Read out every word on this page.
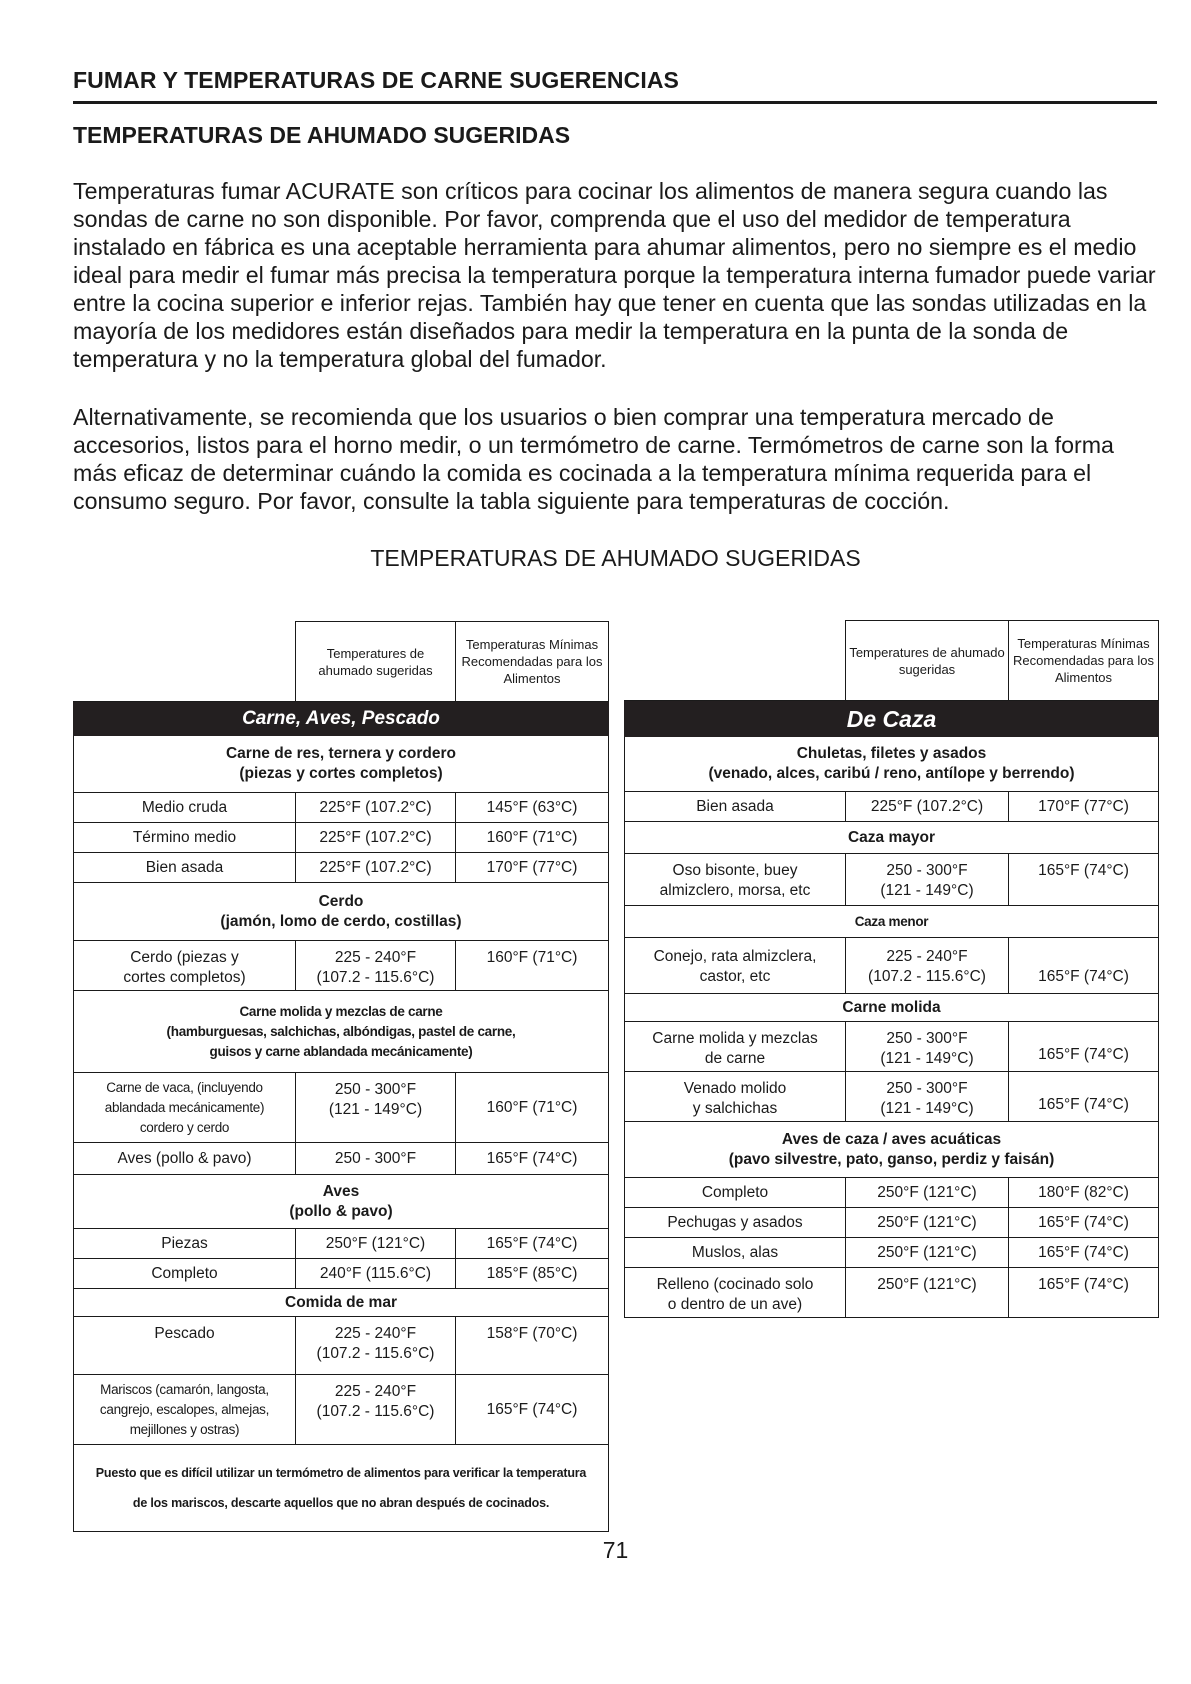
FUMAR Y TEMPERATURAS DE CARNE SUGERENCIAS
TEMPERATURAS DE AHUMADO SUGERIDAS

Temperaturas fumar ACURATE son críticos para cocinar los alimentos de manera segura cuando las sondas de carne no son disponible. Por favor, comprenda que el uso del medidor de temperatura instalado en fábrica es una aceptable herramienta para ahumar alimentos, pero no siempre es el medio ideal para medir el fumar más precisa la temperatura porque la temperatura interna fumador puede variar entre la cocina superior e inferior rejas. También hay que tener en cuenta que las sondas utilizadas en la mayoría de los medidores están diseñados para medir la temperatura en la punta de la sonda de temperatura y no la temperatura global del fumador.

Alternativamente, se recomienda que los usuarios o bien comprar una temperatura mercado de accesorios, listos para el horno medir, o un termómetro de carne. Termómetros de carne son la forma más eficaz de determinar cuándo la comida es cocinada a la temperatura mínima requerida para el consumo seguro. Por favor, consulte la tabla siguiente para temperaturas de cocción.

TEMPERATURAS DE AHUMADO SUGERIDAS
	Temperatures de ahumado sugeridas	Temperaturas Mínimas Recomendadas para los Alimentos
Carne, Aves, Pescado		
Carne de res, ternera y cordero
(piezas y cortes completos)		
Medio cruda	225°F (107.2°C)	145°F (63°C)
Término medio	225°F (107.2°C)	160°F (71°C)
Bien asada	225°F (107.2°C)	170°F (77°C)
Cerdo
(jamón, lomo de cerdo, costillas)		
Cerdo (piezas y
cortes completos)	225 - 240°F
(107.2 - 115.6°C)	160°F (71°C)
Carne molida y mezclas de carne
(hamburguesas, salchichas, albóndigas, pastel de carne,
guisos y carne ablandada mecánicamente)		
Carne de vaca, (incluyendo
ablandada mecánicamente)
cordero y cerdo	250 - 300°F
(121 - 149°C)	160°F (71°C)
Aves (pollo & pavo)	250 - 300°F	165°F (74°C)
Aves
(pollo & pavo)		
Piezas	250°F (121°C)	165°F (74°C)
Completo	240°F (115.6°C)	185°F (85°C)
Comida de mar		
Pescado	225 - 240°F
(107.2 - 115.6°C)	158°F (70°C)
Mariscos (camarón, langosta,
cangrejo, escalopes, almejas,
mejillones y ostras)	225 - 240°F
(107.2 - 115.6°C)	165°F (74°C)
Puesto que es difícil utilizar un termómetro de alimentos para verificar la temperatura
de los mariscos, descarte aquellos que no abran después de cocinados.		
	Temperatures de ahumado sugeridas	Temperaturas Mínimas Recomendadas para los Alimentos
De Caza		
Chuletas, filetes y asados
(venado, alces, caribú / reno, antílope y berrendo)		
Bien asada	225°F (107.2°C)	170°F (77°C)
Caza mayor		
Oso bisonte, buey
almizclero, morsa, etc	250 - 300°F
(121 - 149°C)	165°F (74°C)
Caza menor		
Conejo, rata almizclera,
castor, etc	225 - 240°F
(107.2 - 115.6°C)	165°F (74°C)
Carne molida		
Carne molida y mezclas
de carne	250 - 300°F
(121 - 149°C)	165°F (74°C)
Venado molido
y salchichas	250 - 300°F
(121 - 149°C)	165°F (74°C)
Aves de caza / aves acuáticas
(pavo silvestre, pato, ganso, perdiz y faisán)		
Completo	250°F (121°C)	180°F (82°C)
Pechugas y asados	250°F (121°C)	165°F (74°C)
Muslos, alas	250°F (121°C)	165°F (74°C)
Relleno (cocinado solo
o dentro de un ave)	250°F (121°C)	165°F (74°C)
71
